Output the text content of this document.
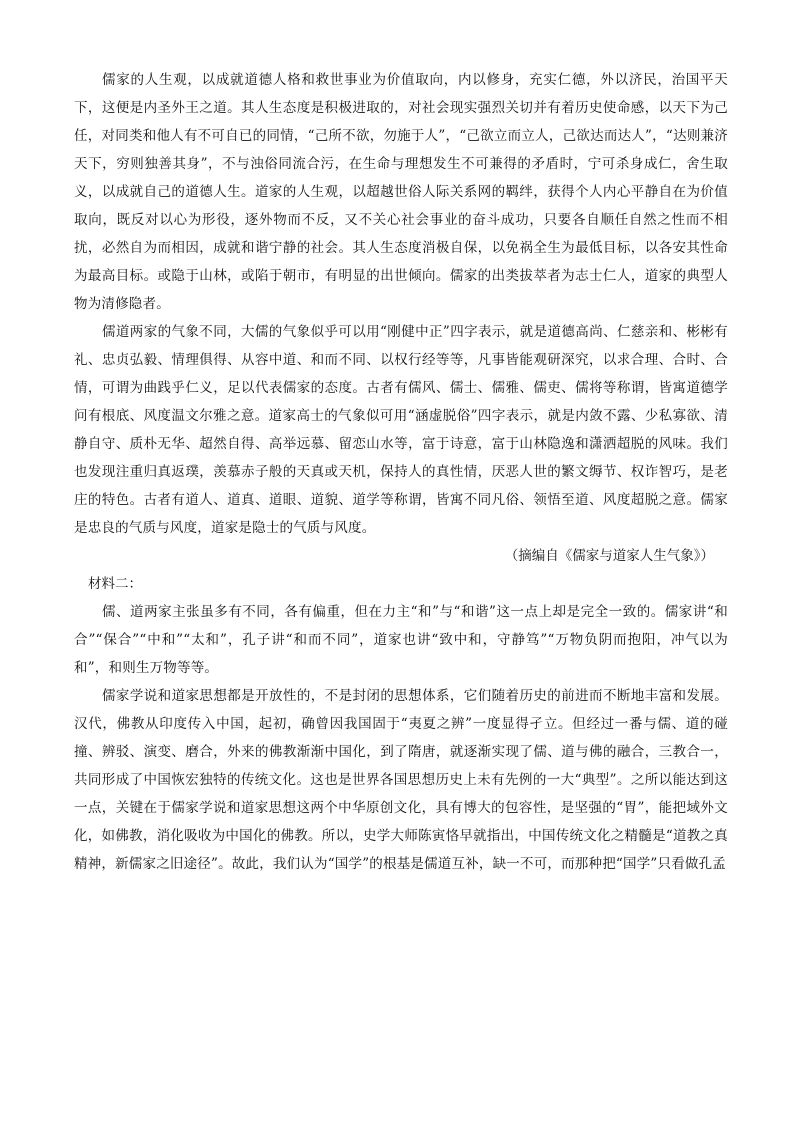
儒家的人生观，以成就道德人格和救世事业为价值取向，内以修身，充实仁德，外以济民，治国平天下，这便是内圣外王之道。其人生态度是积极进取的，对社会现实强烈关切并有着历史使命感，以天下为己任，对同类和他人有不可自已的同情，“己所不欲，勿施于人”，“己欲立而立人，己欲达而达人”，“达则兼济天下，穷则独善其身”，不与浊俗同流合污，在生命与理想发生不可兼得的矛盾时，宁可杀身成仁，舍生取义，以成就自己的道德人生。道家的人生观，以超越世俗人际关系网的羁绊，获得个人内心平静自在为价值取向，既反对以心为形役，逐外物而不反，又不关心社会事业的奋斗成功，只要各自顺任自然之性而不相扰，必然自为而相因，成就和谐宁静的社会。其人生态度消极自保，以免祸全生为最低目标，以各安其性命为最高目标。或隐于山林，或陷于朝市，有明显的出世倾向。儒家的出类拔萃者为志士仁人，道家的典型人物为清修隐者。

儒道两家的气象不同，大儒的气象似乎可以用“刚健中正”四字表示，就是道德高尚、仁慈亲和、彬彬有礼、忠贞弘毅、情理俱得、从容中道、和而不同、以权行经等等，凡事皆能观研深究，以求合理、合时、合情，可谓为曲践乎仁义，足以代表儒家的态度。古者有儒风、儒士、儒雅、儒吏、儒将等称谓，皆寓道德学问有根底、风度温文尔雅之意。道家高士的气象似可用“涵虚脱俗”四字表示，就是内敛不露、少私寡欲、清静自守、质朴无华、超然自得、高举远慕、留恋山水等，富于诗意，富于山林隐逸和潇洒超脱的风味。我们也发现注重归真返璞，羡慕赤子般的天真或天机，保持人的真性情，厌恶人世的繁文缛节、权诈智巧，是老庄的特色。古者有道人、道真、道眼、道貌、道学等称谓，皆寓不同凡俗、领悟至道、风度超脱之意。儒家是忠良的气质与风度，道家是隐士的气质与风度。

（摘编自《儒家与道家人生气象》）

材料二：

儒、道两家主张虽多有不同，各有偏重，但在力主“和”与“和谐”这一点上却是完全一致的。儒家讲“和合”“保合”“中和”“太和”，孔子讲“和而不同”，道家也讲“致中和，守静笃”“万物负阴而抱阳，冲气以为和”，和则生万物等等。

儒家学说和道家思想都是开放性的，不是封闭的思想体系，它们随着历史的前进而不断地丰富和发展。汉代，佛教从印度传入中国，起初，确曾因我国固于“夷夏之辨”一度显得孑立。但经过一番与儒、道的碰撞、辨驳、演变、磨合，外来的佛教渐渐中国化，到了隋唐，就逐渐实现了儒、道与佛的融合，三教合一，共同形成了中国恢宏独特的传统文化。这也是世界各国思想历史上未有先例的一大“典型”。之所以能达到这一点，关键在于儒家学说和道家思想这两个中华原创文化，具有博大的包容性，是坚强的“胃”，能把域外文化，如佛教，消化吸收为中国化的佛教。所以，史学大师陈寅恪早就指出，中国传统文化之精髓是“道教之真精神，新儒家之旧途径”。故此，我们认为“国学”的根基是儒道互补，缺一不可，而那种把“国学”只看做孔孟
